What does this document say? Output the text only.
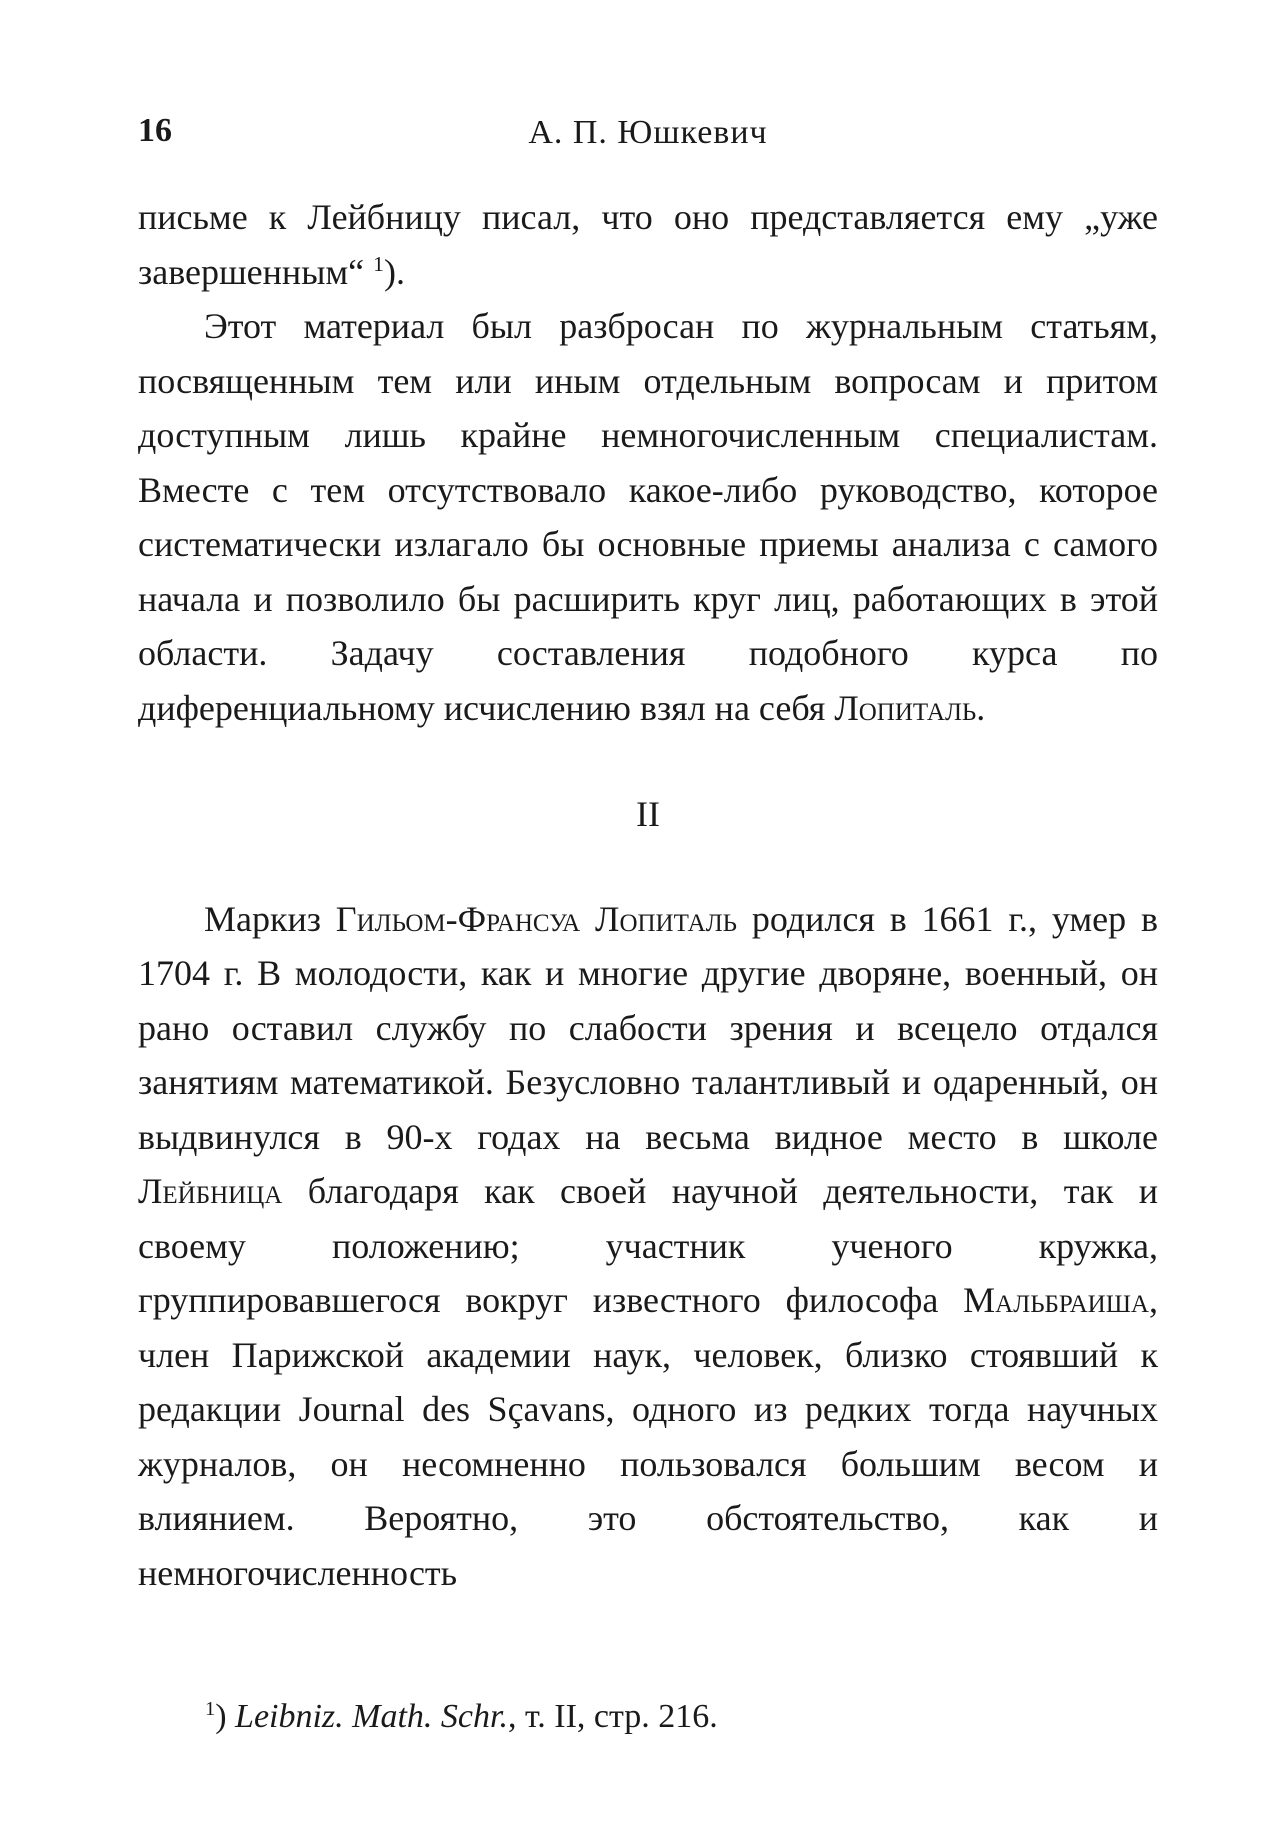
16	А. П. Юшкевич

письме к Лейбницу писал, что оно представляется ему „уже завершенным“ $^1$).

Этот материал был разбросан по журнальным статьям, посвященным тем или иным отдельным вопросам и притом доступным лишь крайне немногочисленным специалистам. Вместе с тем отсутствовало какое-либо руководство, которое систематически излагало бы основные приемы анализа с самого начала и позволило бы расширить круг лиц, работающих в этой области. Задачу составления подобного курса по диференциальному исчислению взял на себя Лопиталь.

II

Маркиз Гильом-Франсуа Лопиталь родился в 1661 г., умер в 1704 г. В молодости, как и многие другие дворяне, военный, он рано оставил службу по слабости зрения и всецело отдался занятиям математикой. Безусловно талантливый и одаренный, он выдвинулся в 90-х годах на весьма видное место в школе Лейбница благодаря как своей научной деятельности, так и своему положению; участник ученого кружка, группировавшегося вокруг известного философа Мальбраиша, член Парижской академии наук, человек, близко стоявший к редакции Journal des Sçavans, одного из редких тогда научных журналов, он несомненно пользовался большим весом и влиянием. Вероятно, это обстоятельство, как и немногочисленность

$^1$) Leibniz. Math. Schr., т. II, стр. 216.
